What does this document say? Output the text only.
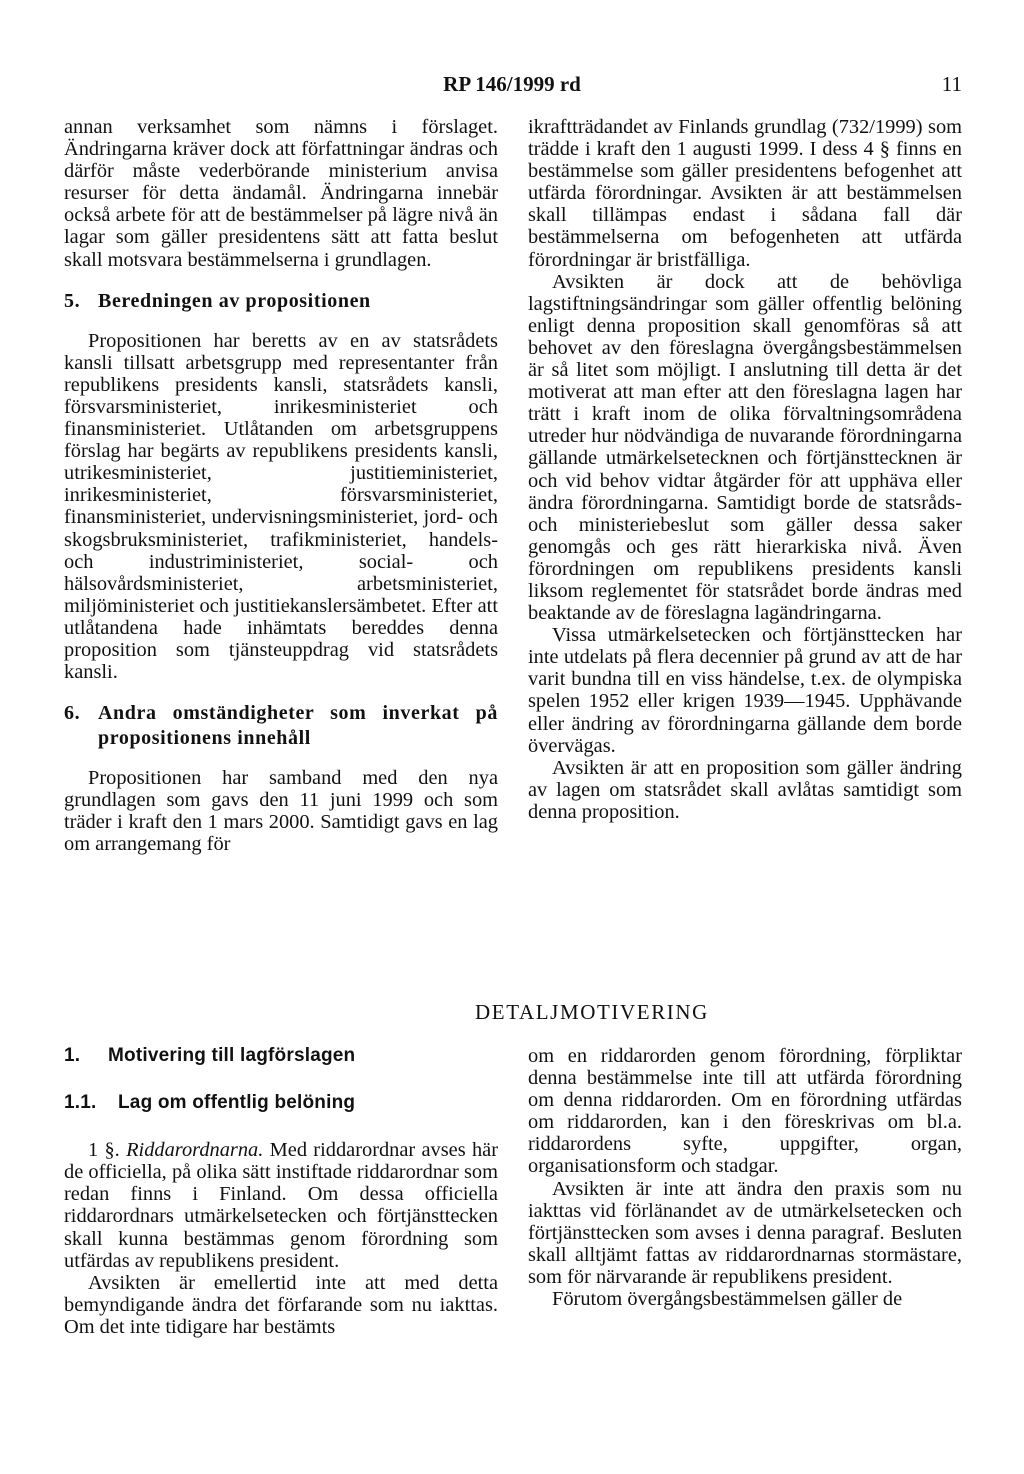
RP 146/1999 rd	11

annan verksamhet som nämns i förslaget. Ändringarna kräver dock att författningar ändras och därför måste vederbörande ministerium anvisa resurser för detta ändamål. Ändringarna innebär också arbete för att de bestämmelser på lägre nivå än lagar som gäller presidentens sätt att fatta beslut skall motsvara bestämmelserna i grundlagen.

5. Beredningen av propositionen

Propositionen har beretts av en av statsrådets kansli tillsatt arbetsgrupp med representanter från republikens presidents kansli, statsrådets kansli, försvarsministeriet, inrikesministeriet och finansministeriet. Utlåtanden om arbetsgruppens förslag har begärts av republikens presidents kansli, utrikesministeriet, justitieministeriet, inrikesministeriet, försvarsministeriet, finansministeriet, undervisningsministeriet, jord- och skogsbruksministeriet, trafikministeriet, handels- och industriministeriet, social- och hälsovårdsministeriet, arbetsministeriet, miljöministeriet och justitiekanslersämbetet. Efter att utlåtandena hade inhämtats bereddes denna proposition som tjänsteuppdrag vid statsrådets kansli.

6. Andra omständigheter som inverkat på propositionens innehåll

Propositionen har samband med den nya grundlagen som gavs den 11 juni 1999 och som träder i kraft den 1 mars 2000. Samtidigt gavs en lag om arrangemang för

ikraftträdandet av Finlands grundlag (732/1999) som trädde i kraft den 1 augusti 1999. I dess 4 § finns en bestämmelse som gäller presidentens befogenhet att utfärda förordningar. Avsikten är att bestämmelsen skall tillämpas endast i sådana fall där bestämmelserna om befogenheten att utfärda förordningar är bristfälliga.

Avsikten är dock att de behövliga lagstiftningsändringar som gäller offentlig belöning enligt denna proposition skall genomföras så att behovet av den föreslagna övergångsbestämmelsen är så litet som möjligt. I anslutning till detta är det motiverat att man efter att den föreslagna lagen har trätt i kraft inom de olika förvaltningsområdena utreder hur nödvändiga de nuvarande förordningarna gällande utmärkelsetecknen och förtjänsttecknen är och vid behov vidtar åtgärder för att upphäva eller ändra förordningarna. Samtidigt borde de statsråds- och ministeriebeslut som gäller dessa saker genomgås och ges rätt hierarkiska nivå. Även förordningen om republikens presidents kansli liksom reglementet för statsrådet borde ändras med beaktande av de föreslagna lagändringarna.

Vissa utmärkelsetecken och förtjänsttecken har inte utdelats på flera decennier på grund av att de har varit bundna till en viss händelse, t.ex. de olympiska spelen 1952 eller krigen 1939—1945. Upphävande eller ändring av förordningarna gällande dem borde övervägas.

Avsikten är att en proposition som gäller ändring av lagen om statsrådet skall avlåtas samtidigt som denna proposition.

DETALJMOTIVERING
1.	Motivering till lagförslagen
1.1.	Lag om offentlig belöning

1 §. Riddarordnarna. Med riddarordnar avses här de officiella, på olika sätt instiftade riddarordnar som redan finns i Finland. Om dessa officiella riddarordnars utmärkelsetecken och förtjänsttecken skall kunna bestämmas genom förordning som utfärdas av republikens president.

Avsikten är emellertid inte att med detta bemyndigande ändra det förfarande som nu iakttas. Om det inte tidigare har bestämts

om en riddarorden genom förordning, förpliktar denna bestämmelse inte till att utfärda förordning om denna riddarorden. Om en förordning utfärdas om riddarorden, kan i den föreskrivas om bl.a. riddarordens syfte, uppgifter, organ, organisationsform och stadgar.

Avsikten är inte att ändra den praxis som nu iakttas vid förlänandet av de utmärkelsetecken och förtjänsttecken som avses i denna paragraf. Besluten skall alltjämt fattas av riddarordnarnas stormästare, som för närvarande är republikens president.

Förutom övergångsbestämmelsen gäller de
